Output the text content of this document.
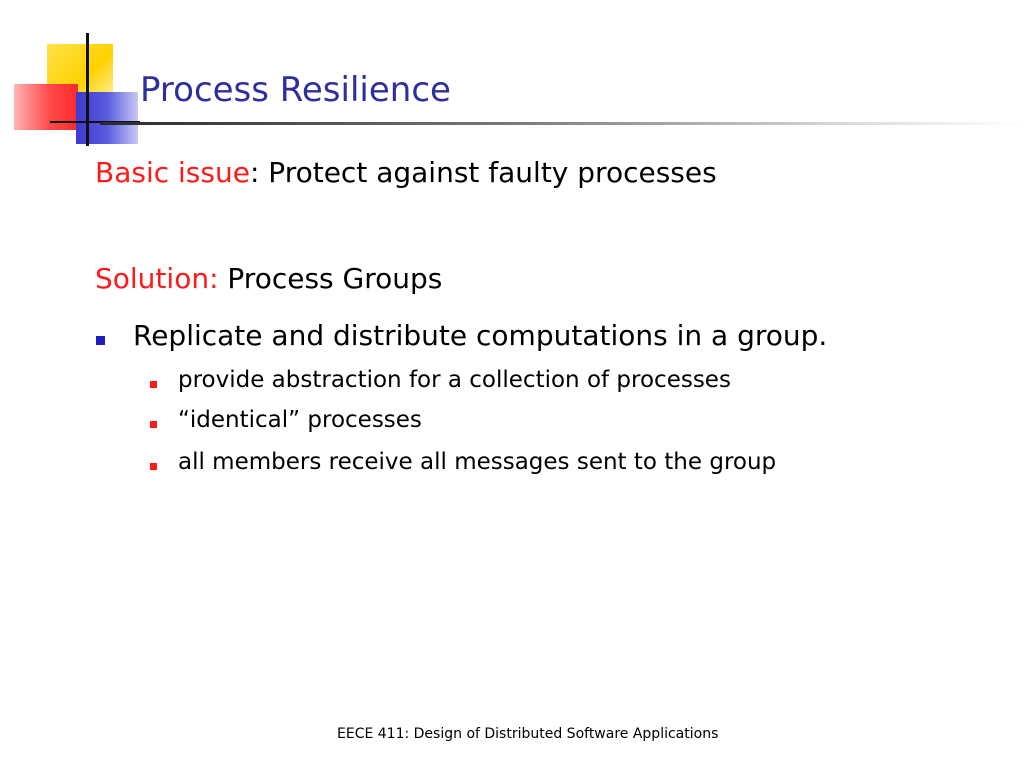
Process Resilience
Basic issue: Protect against faulty processes
Solution: Process Groups
Replicate and distribute computations in a group.
provide abstraction for a collection of processes
“identical” processes
all members receive all messages sent to the group
EECE 411: Design of Distributed Software Applications
